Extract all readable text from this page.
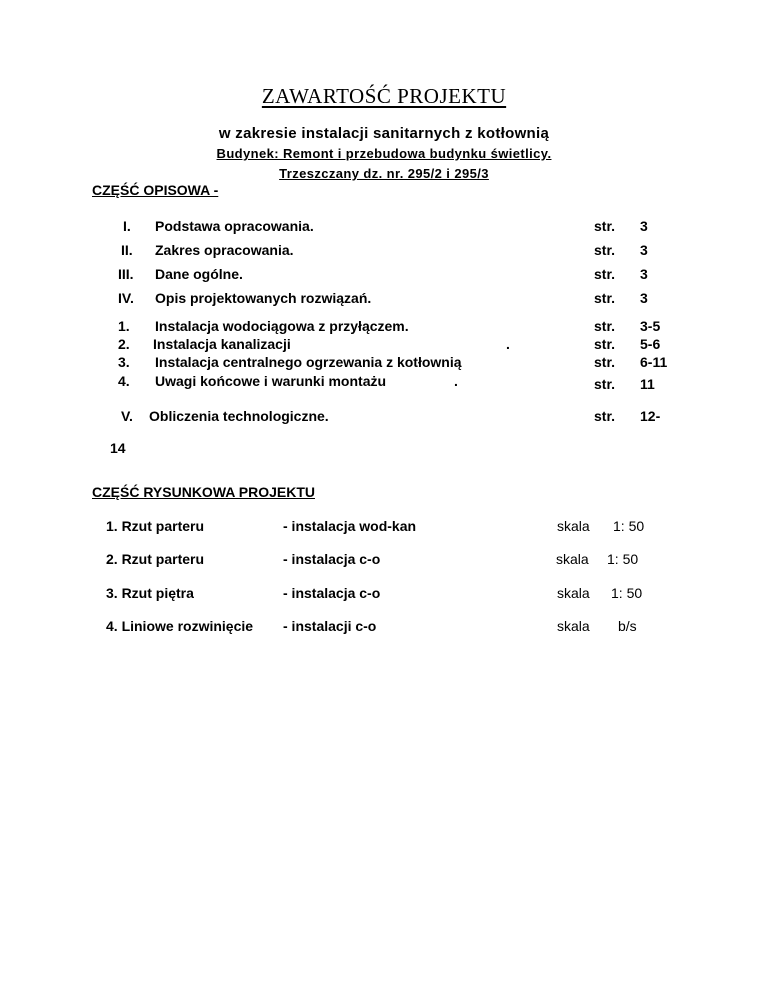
ZAWARTOŚĆ PROJEKTU
w zakresie instalacji sanitarnych z kotłownią
Budynek: Remont i przebudowa budynku świetlicy.
Trzeszczany dz. nr. 295/2 i 295/3
CZĘŚĆ OPISOWA -
I. Podstawa opracowania.	str. 3
II. Zakres opracowania.	str. 3
III. Dane ogólne.	str. 3
IV. Opis projektowanych rozwiązań.	str. 3
1. Instalacja wodociągowa z przyłączem.	str. 3-5
2. Instalacja kanalizacji	.	str. 5-6
3. Instalacja centralnego ogrzewania z kotłownią	str. 6-11
4. Uwagi końcowe i warunki montażu	.	str. 11
V. Obliczenia technologiczne.	str. 12-
14
CZĘŚĆ RYSUNKOWA PROJEKTU
1. Rzut parteru	- instalacja wod-kan	skala 1: 50
2. Rzut parteru	- instalacja c-o	skala 1: 50
3. Rzut piętra	- instalacja c-o	skala 1: 50
4. Liniowe rozwinięcie - instalacji c-o	skala b/s
